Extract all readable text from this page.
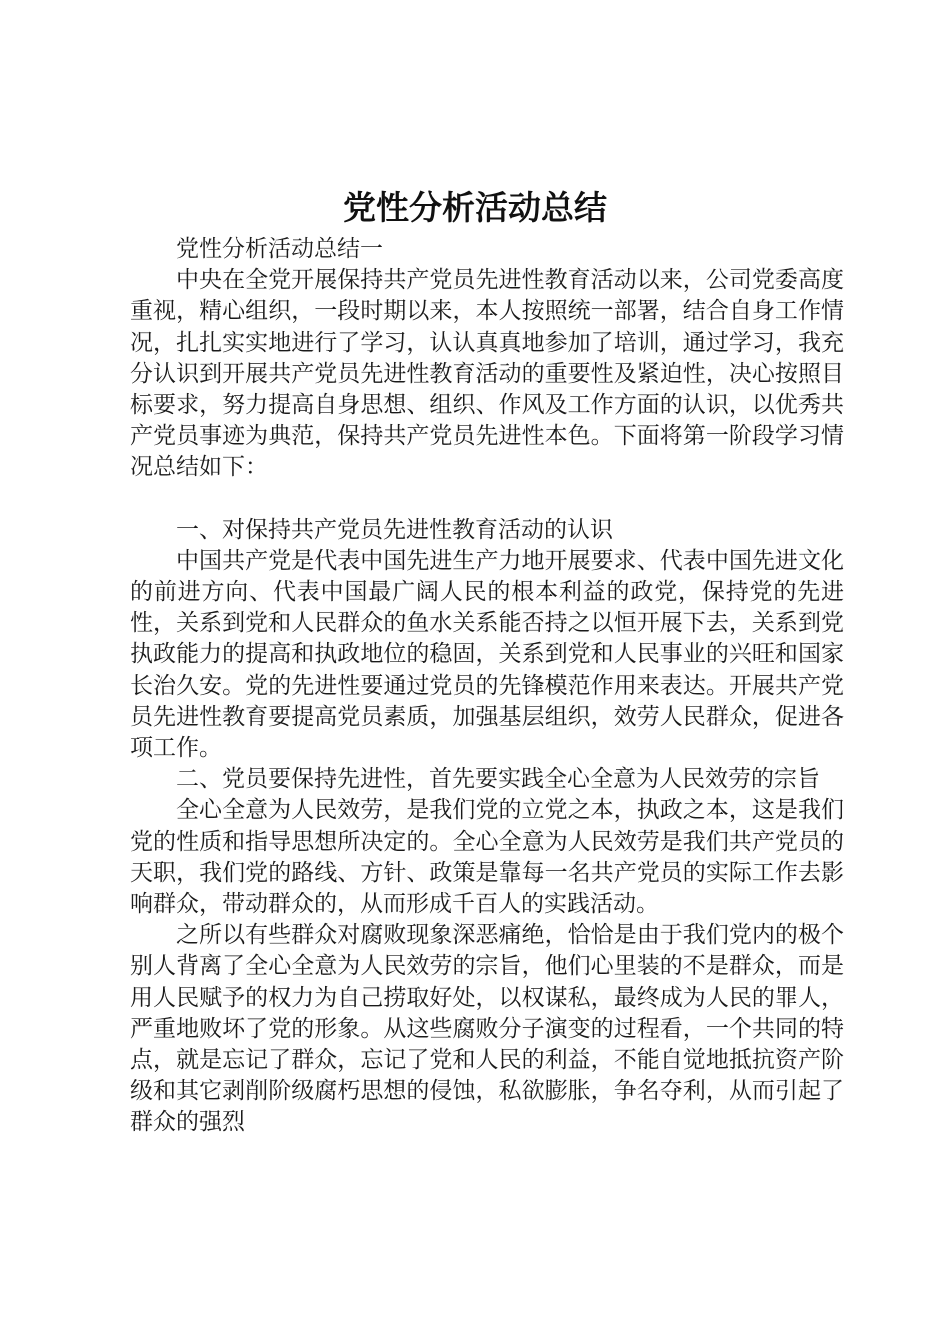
党性分析活动总结

党性分析活动总结一

中央在全党开展保持共产党员先进性教育活动以来，公司党委高度重视，精心组织，一段时期以来，本人按照统一部署，结合自身工作情况，扎扎实实地进行了学习，认认真真地参加了培训，通过学习，我充分认识到开展共产党员先进性教育活动的重要性及紧迫性，决心按照目标要求，努力提高自身思想、组织、作风及工作方面的认识，以优秀共产党员事迹为典范，保持共产党员先进性本色。下面将第一阶段学习情况总结如下：

一、对保持共产党员先进性教育活动的认识

中国共产党是代表中国先进生产力地开展要求、代表中国先进文化的前进方向、代表中国最广阔人民的根本利益的政党，保持党的先进性，关系到党和人民群众的鱼水关系能否持之以恒开展下去，关系到党执政能力的提高和执政地位的稳固，关系到党和人民事业的兴旺和国家长治久安。党的先进性要通过党员的先锋模范作用来表达。开展共产党员先进性教育要提高党员素质，加强基层组织，效劳人民群众，促进各项工作。

二、党员要保持先进性，首先要实践全心全意为人民效劳的宗旨

全心全意为人民效劳，是我们党的立党之本，执政之本，这是我们党的性质和指导思想所决定的。全心全意为人民效劳是我们共产党员的天职，我们党的路线、方针、政策是靠每一名共产党员的实际工作去影响群众，带动群众的，从而形成千百人的实践活动。

之所以有些群众对腐败现象深恶痛绝，恰恰是由于我们党内的极个别人背离了全心全意为人民效劳的宗旨，他们心里装的不是群众，而是用人民赋予的权力为自己捞取好处，以权谋私，最终成为人民的罪人，严重地败坏了党的形象。从这些腐败分子演变的过程看，一个共同的特点，就是忘记了群众，忘记了党和人民的利益，不能自觉地抵抗资产阶级和其它剥削阶级腐朽思想的侵蚀，私欲膨胀，争名夺利，从而引起了群众的强烈
